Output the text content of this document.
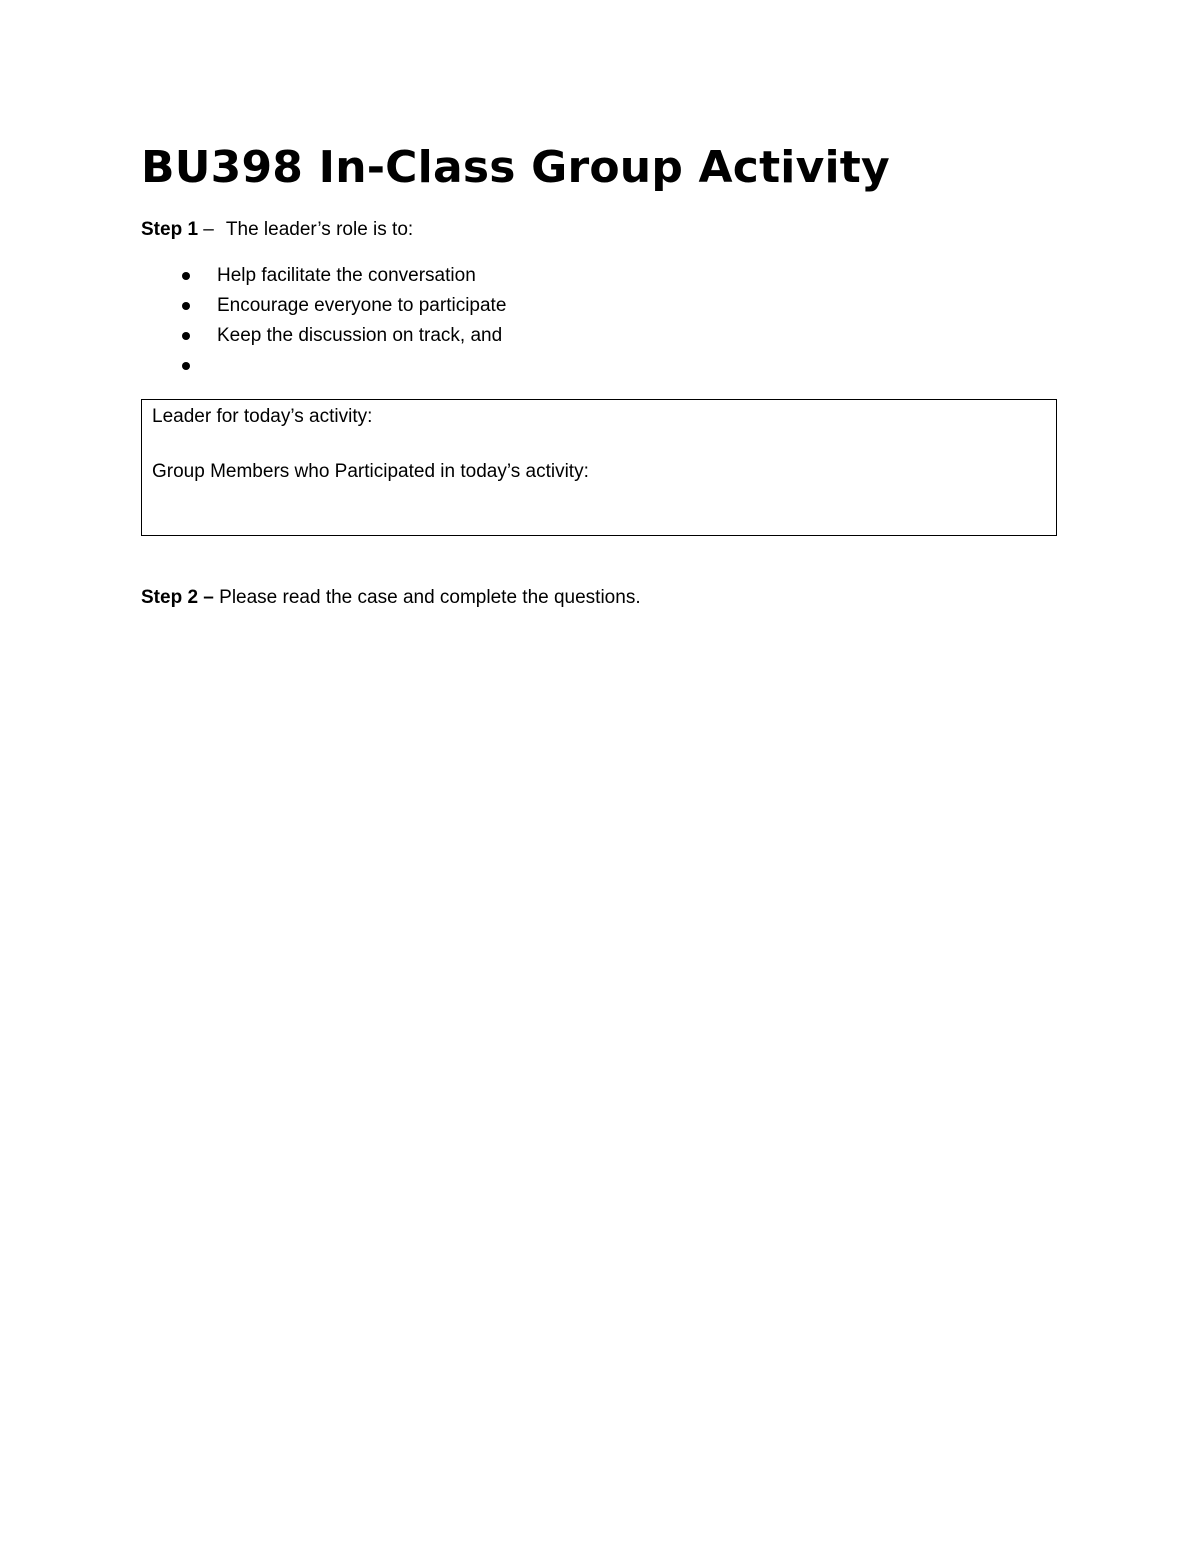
BU398 In-Class Group Activity
Step 1 – The leader’s role is to:
Help facilitate the conversation
Encourage everyone to participate
Keep the discussion on track, and
Leader for today’s activity:
Group Members who Participated in today’s activity:
Step 2 – Please read the case and complete the questions.
